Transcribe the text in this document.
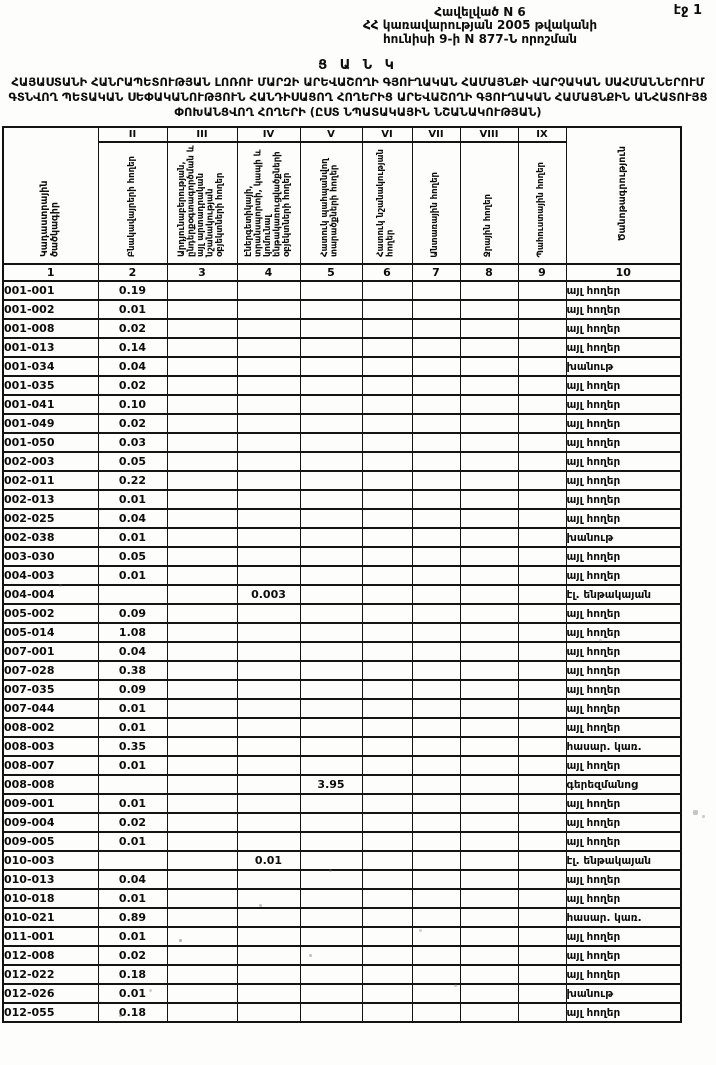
էջ 1
Հավելված N 6
ՀՀ կառավարության 2005 թվականի
հունիսի 9-ի N 877-Ն որոշման
Ց Ա Ն Կ
ՀԱՅԱՍՏԱՆԻ ՀԱՆՐԱՊԵՏՈՒԹՅԱՆ ԼՈՌՈՒ ՄԱՐԶԻ ԱՐԵՎԱՇՈՂԻ ԳՅՈՒՂԱԿԱՆ ՀԱՄԱՅՆՔԻ ՎԱՐՉԱԿԱՆ ՍԱՀՄԱՆՆԵՐՈՒՄ ԳՏՆՎՈՂ ՊԵՏԱԿԱՆ ՍԵՓԱԿԱՆՈՒԹՅՈՒՆ ՀԱՆԴԻՍԱՑՈՂ ՀՈՂԵՐԻՑ ԱՐԵՎԱՇՈՂԻ ԳՅՈՒՂԱԿԱՆ ՀԱՄԱՅՆՔԻՆ ԱՆՀԱՏՈՒՅՑ ՓՈԽԱՆՑՎՈՂ ՀՈՂԵՐԻ (ԸՍՏ ՆՊԱՏԱԿԱՅԻՆ ՆՇԱՆԱԿՈՒԹՅԱՆ)
Կադաստրային ծածկագիր	II	III	IV	V	VI	VII	VIII	IX	Ծանոթագրություն
	Բնակավայրերի հողեր	Արդյունաբերության, ընդերքօգտագործման և այլ արտադրական նշանակության օբյեկտների հողեր	Էներգետիկայի, տրանսպորտի, կապի և կոմունալ ենթակառուցվածքների օբյեկտների հողեր	Հատուկ պահպանվող տարածքների հողեր	Հատուկ նշանակության հողեր	Անտառային հողեր	Ջրային հողեր	Պահուստային հողեր	
1	2	3	4	5	6	7	8	9	10
001-001	0.19								այլ հողեր
001-002	0.01								այլ հողեր
001-008	0.02								այլ հողեր
001-013	0.14								այլ հողեր
001-034	0.04								խանութ
001-035	0.02								այլ հողեր
001-041	0.10								այլ հողեր
001-049	0.02								այլ հողեր
001-050	0.03								այլ հողեր
002-003	0.05								այլ հողեր
002-011	0.22								այլ հողեր
002-013	0.01								այլ հողեր
002-025	0.04								այլ հողեր
002-038	0.01								խանութ
003-030	0.05								այլ հողեր
004-003	0.01								այլ հողեր
004-004			0.003						էլ. ենթակայան
005-002	0.09								այլ հողեր
005-014	1.08								այլ հողեր
007-001	0.04								այլ հողեր
007-028	0.38								այլ հողեր
007-035	0.09								այլ հողեր
007-044	0.01								այլ հողեր
008-002	0.01								այլ հողեր
008-003	0.35								հասար. կառ.
008-007	0.01								այլ հողեր
008-008				3.95					գերեզմանոց
009-001	0.01								այլ հողեր
009-004	0.02								այլ հողեր
009-005	0.01								այլ հողեր
010-003			0.01						էլ. ենթակայան
010-013	0.04								այլ հողեր
010-018	0.01								այլ հողեր
010-021	0.89								հասար. կառ.
011-001	0.01								այլ հողեր
012-008	0.02								այլ հողեր
012-022	0.18								այլ հողեր
012-026	0.01								խանութ
012-055	0.18								այլ հողեր
